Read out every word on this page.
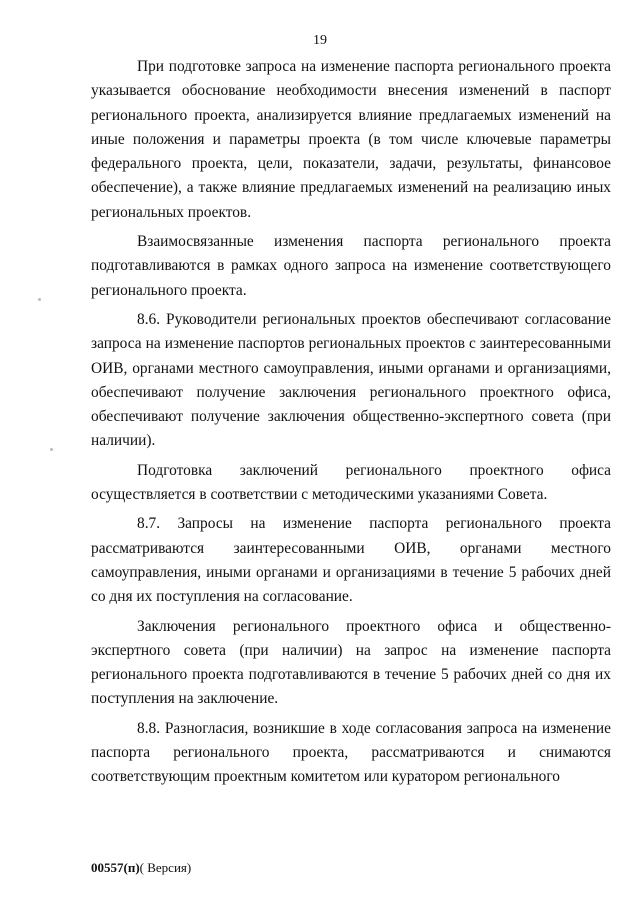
19

При подготовке запроса на изменение паспорта регионального проекта указывается обоснование необходимости внесения изменений в паспорт регионального проекта, анализируется влияние предлагаемых изменений на иные положения и параметры проекта (в том числе ключевые параметры федерального проекта, цели, показатели, задачи, результаты, финансовое обеспечение), а также влияние предлагаемых изменений на реализацию иных региональных проектов.

Взаимосвязанные изменения паспорта регионального проекта подготавливаются в рамках одного запроса на изменение соответствующего регионального проекта.

8.6. Руководители региональных проектов обеспечивают согласование запроса на изменение паспортов региональных проектов с заинтересованными ОИВ, органами местного самоуправления, иными органами и организациями, обеспечивают получение заключения регионального проектного офиса, обеспечивают получение заключения общественно-экспертного совета (при наличии).

Подготовка заключений регионального проектного офиса осуществляется в соответствии с методическими указаниями Совета.

8.7. Запросы на изменение паспорта регионального проекта рассматриваются заинтересованными ОИВ, органами местного самоуправления, иными органами и организациями в течение 5 рабочих дней со дня их поступления на согласование.

Заключения регионального проектного офиса и общественно-экспертного совета (при наличии) на запрос на изменение паспорта регионального проекта подготавливаются в течение 5 рабочих дней со дня их поступления на заключение.

8.8. Разногласия, возникшие в ходе согласования запроса на изменение паспорта регионального проекта, рассматриваются и снимаются соответствующим проектным комитетом или куратором регионального

00557(п)( Версия)
